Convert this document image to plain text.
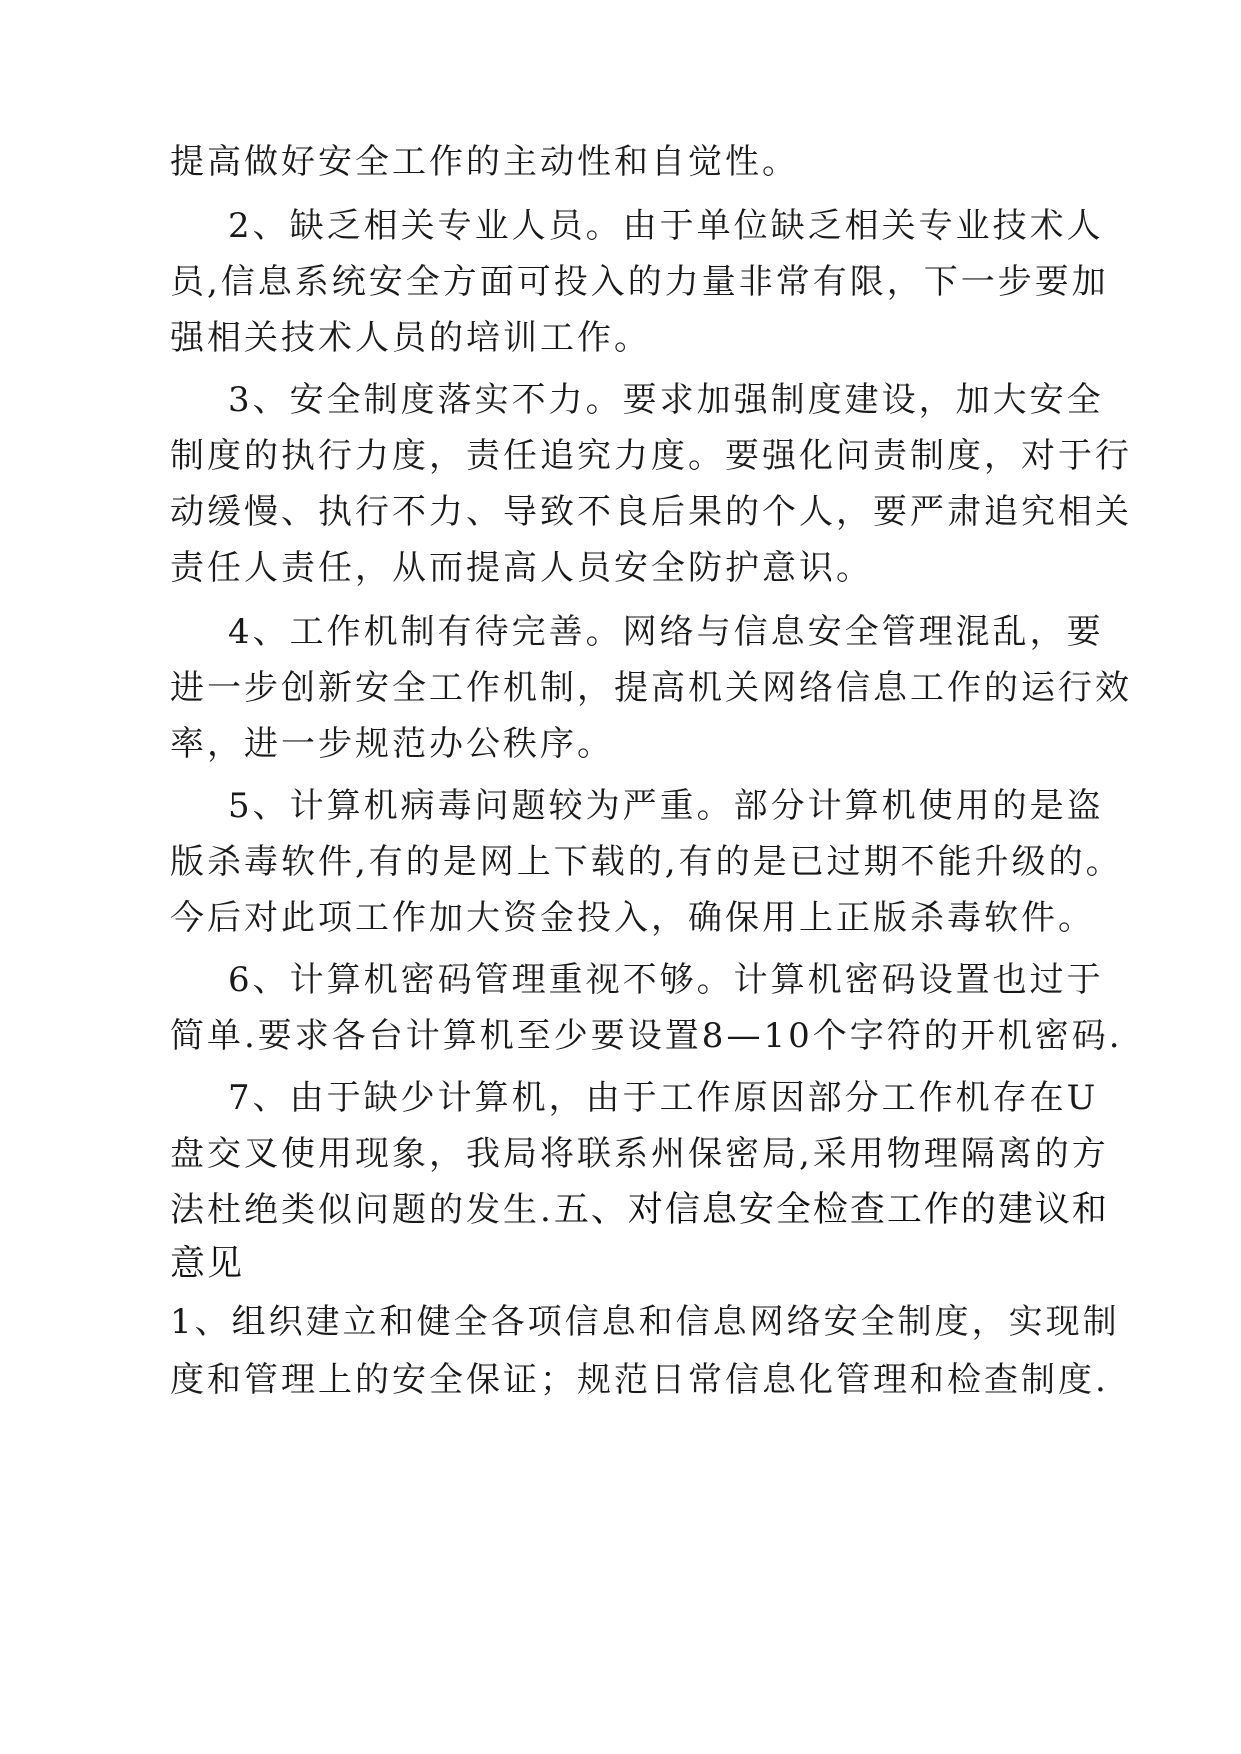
提高做好安全工作的主动性和自觉性。

2、缺乏相关专业人员。由于单位缺乏相关专业技术人

员,信息系统安全方面可投入的力量非常有限，下一步要加

强相关技术人员的培训工作。

3、安全制度落实不力。要求加强制度建设，加大安全

制度的执行力度，责任追究力度。要强化问责制度，对于行

动缓慢、执行不力、导致不良后果的个人，要严肃追究相关

责任人责任，从而提高人员安全防护意识。

4、工作机制有待完善。网络与信息安全管理混乱，要

进一步创新安全工作机制，提高机关网络信息工作的运行效

率，进一步规范办公秩序。

5、计算机病毒问题较为严重。部分计算机使用的是盗

版杀毒软件,有的是网上下载的,有的是已过期不能升级的。

今后对此项工作加大资金投入，确保用上正版杀毒软件。

6、计算机密码管理重视不够。计算机密码设置也过于

简单.要求各台计算机至少要设置8—10个字符的开机密码.

7、由于缺少计算机，由于工作原因部分工作机存在U

盘交叉使用现象，我局将联系州保密局,采用物理隔离的方

法杜绝类似问题的发生.五、对信息安全检查工作的建议和

意见

1、组织建立和健全各项信息和信息网络安全制度，实现制

度和管理上的安全保证；规范日常信息化管理和检查制度.
